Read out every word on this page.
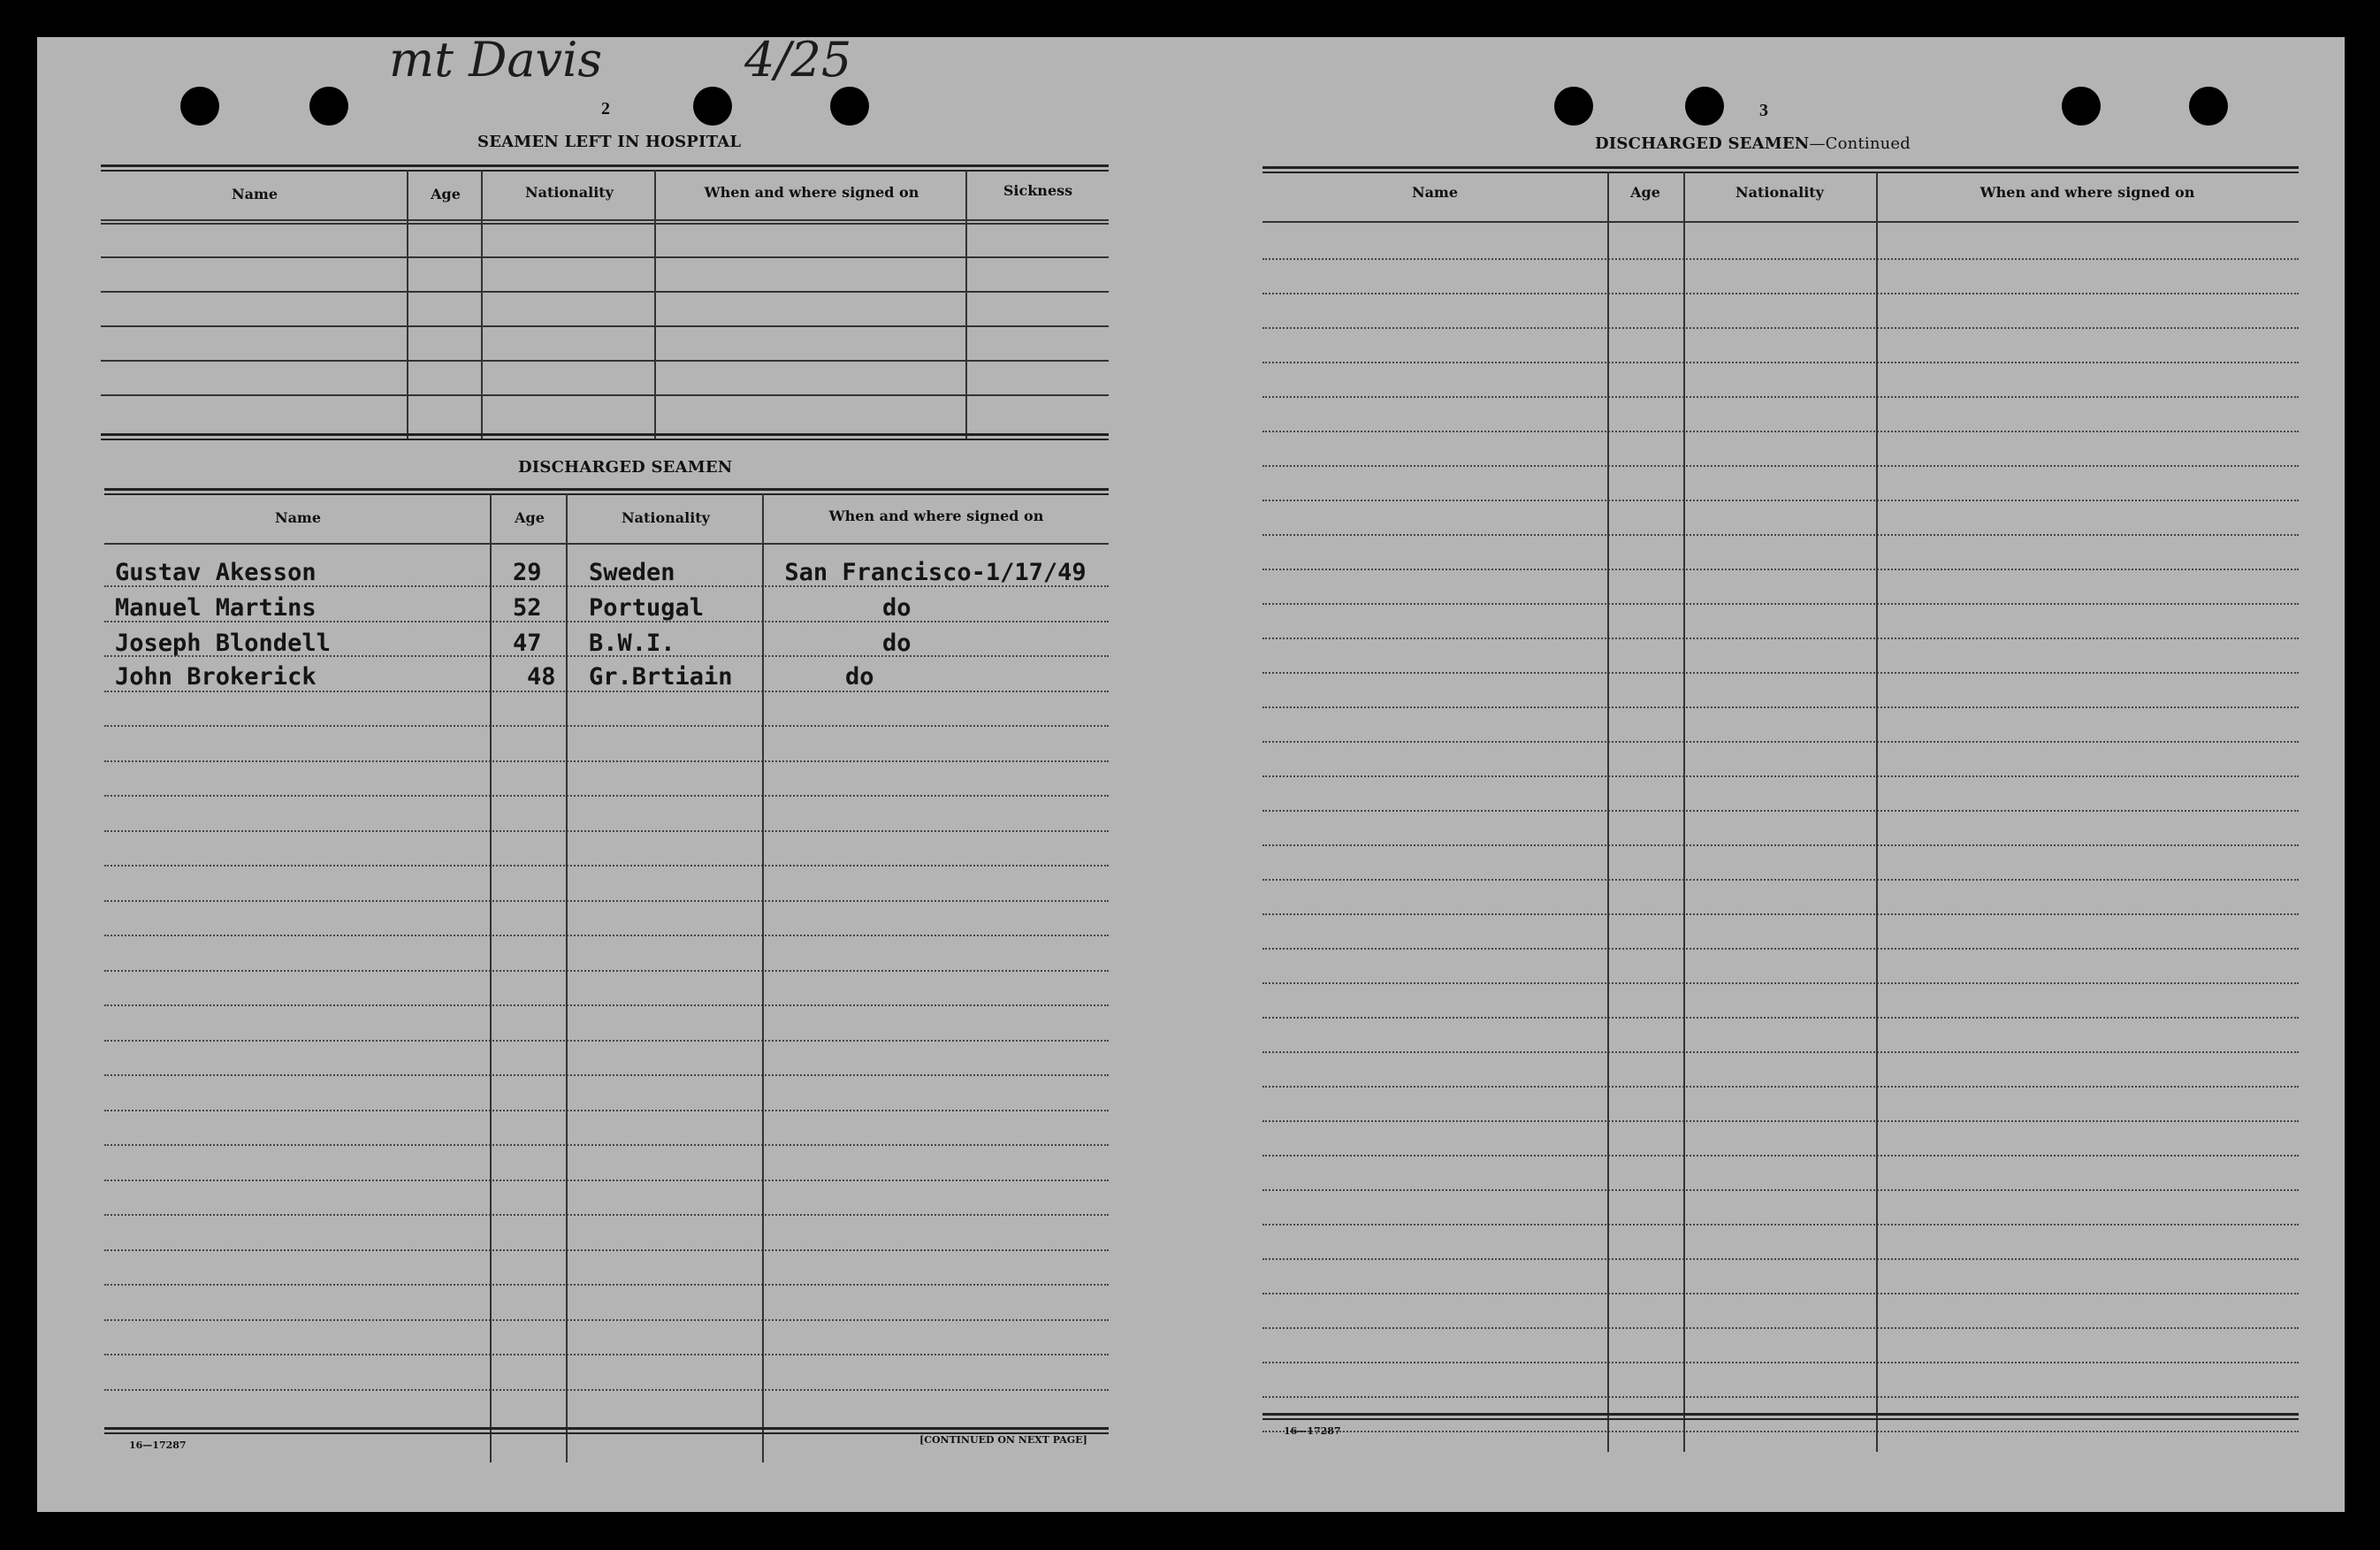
mt Davis	4/25
2
SEAMEN LEFT IN HOSPITAL
Name	Age	Nationality	When and where signed on	Sickness
DISCHARGED SEAMEN
Name	Age	Nationality	When and where signed on
Gustav Akesson	29 Sweden	San Francisco-1/17/49
Manuel Martins	52 Portugal	do
Joseph Blondell	47 B.W.I.	do
John Brokerick	48 Gr.Brtiain	do
16—17287	[CONTINUED ON NEXT PAGE]
3
DISCHARGED SEAMEN—Continued
Name	Age	Nationality	When and where signed on
16—17287
